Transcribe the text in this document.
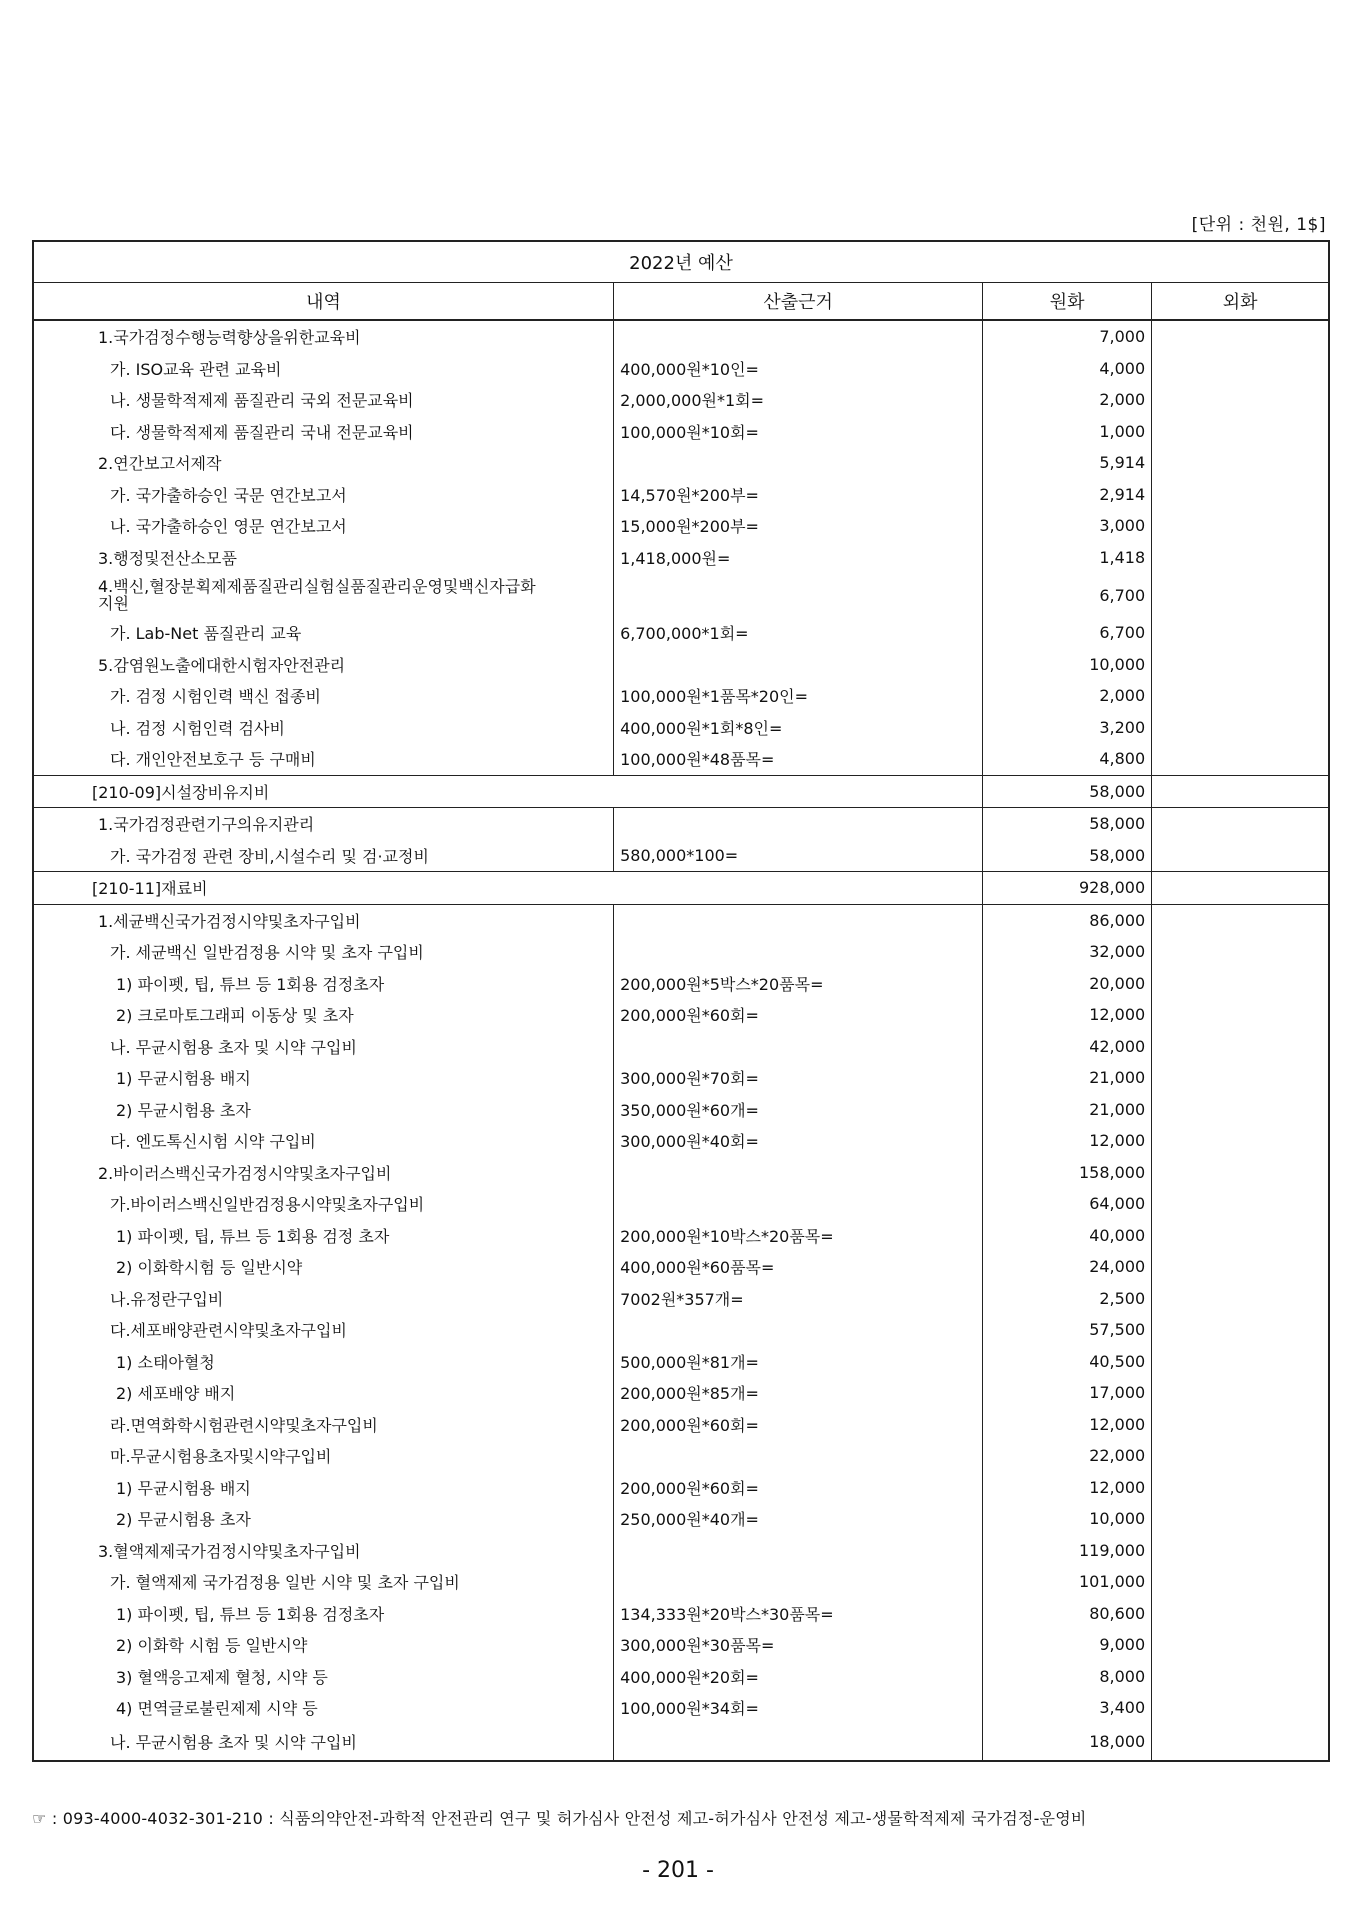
[단위 : 천원, 1$]
2022년 예산			
내역	산출근거	원화	외화
1.국가검정수행능력향상을위한교육비		7,000	
가. ISO교육 관련 교육비	400,000원*10인=	4,000	
나. 생물학적제제 품질관리 국외 전문교육비	2,000,000원*1회=	2,000	
다. 생물학적제제 품질관리 국내 전문교육비	100,000원*10회=	1,000	
2.연간보고서제작		5,914	
가. 국가출하승인 국문 연간보고서	14,570원*200부=	2,914	
나. 국가출하승인 영문 연간보고서	15,000원*200부=	3,000	
3.행정및전산소모품	1,418,000원=	1,418	
4.백신,혈장분획제제품질관리실험실품질관리운영및백신자급화
지원		6,700	
가. Lab-Net 품질관리 교육	6,700,000*1회=	6,700	
5.감염원노출에대한시험자안전관리		10,000	
가. 검정 시험인력 백신 접종비	100,000원*1품목*20인=	2,000	
나. 검정 시험인력 검사비	400,000원*1회*8인=	3,200	
다. 개인안전보호구 등 구매비	100,000원*48품목=	4,800	
[210-09]시설장비유지비		58,000	
1.국가검정관련기구의유지관리		58,000	
가. 국가검정 관련 장비,시설수리 및 검·교정비	580,000*100=	58,000	
[210-11]재료비		928,000	
1.세균백신국가검정시약및초자구입비		86,000	
가. 세균백신 일반검정용 시약 및 초자 구입비		32,000	
1) 파이펫, 팁, 튜브 등 1회용 검정초자	200,000원*5박스*20품목=	20,000	
2) 크로마토그래피 이동상 및 초자	200,000원*60회=	12,000	
나. 무균시험용 초자 및 시약 구입비		42,000	
1) 무균시험용 배지	300,000원*70회=	21,000	
2) 무균시험용 초자	350,000원*60개=	21,000	
다. 엔도톡신시험 시약 구입비	300,000원*40회=	12,000	
2.바이러스백신국가검정시약및초자구입비		158,000	
가.바이러스백신일반검정용시약및초자구입비		64,000	
1) 파이펫, 팁, 튜브 등 1회용 검정 초자	200,000원*10박스*20품목=	40,000	
2) 이화학시험 등 일반시약	400,000원*60품목=	24,000	
나.유정란구입비	7002원*357개=	2,500	
다.세포배양관련시약및초자구입비		57,500	
1) 소태아혈청	500,000원*81개=	40,500	
2) 세포배양 배지	200,000원*85개=	17,000	
라.면역화학시험관련시약및초자구입비	200,000원*60회=	12,000	
마.무균시험용초자및시약구입비		22,000	
1) 무균시험용 배지	200,000원*60회=	12,000	
2) 무균시험용 초자	250,000원*40개=	10,000	
3.혈액제제국가검정시약및초자구입비		119,000	
가. 혈액제제 국가검정용 일반 시약 및 초자 구입비		101,000	
1) 파이펫, 팁, 튜브 등 1회용 검정초자	134,333원*20박스*30품목=	80,600	
2) 이화학 시험 등 일반시약	300,000원*30품목=	9,000	
3) 혈액응고제제 혈청, 시약 등	400,000원*20회=	8,000	
4) 면역글로불린제제 시약 등	100,000원*34회=	3,400	
나. 무균시험용 초자 및 시약 구입비		18,000	
☞ : 093-4000-4032-301-210 : 식품의약안전-과학적 안전관리 연구 및 허가심사 안전성 제고-허가심사 안전성 제고-생물학적제제 국가검정-운영비
- 201 -
